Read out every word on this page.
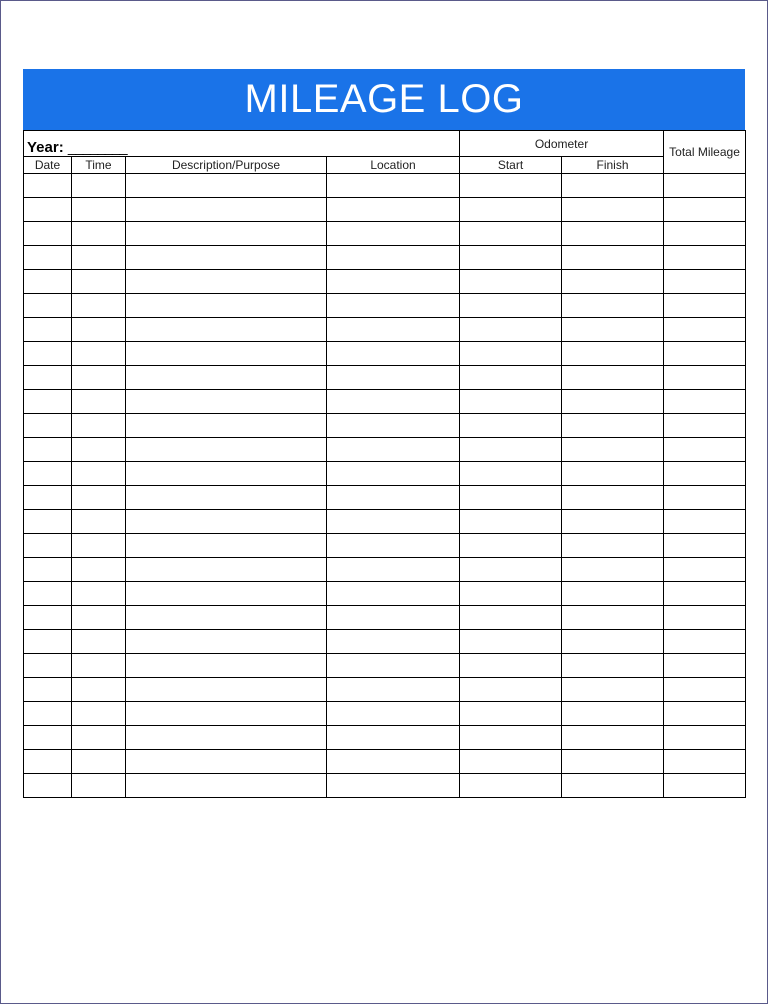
MILEAGE LOG
Year: ________				Odometer		Total Mileage
Date	Time	Description/Purpose	Location	Start	Finish	
